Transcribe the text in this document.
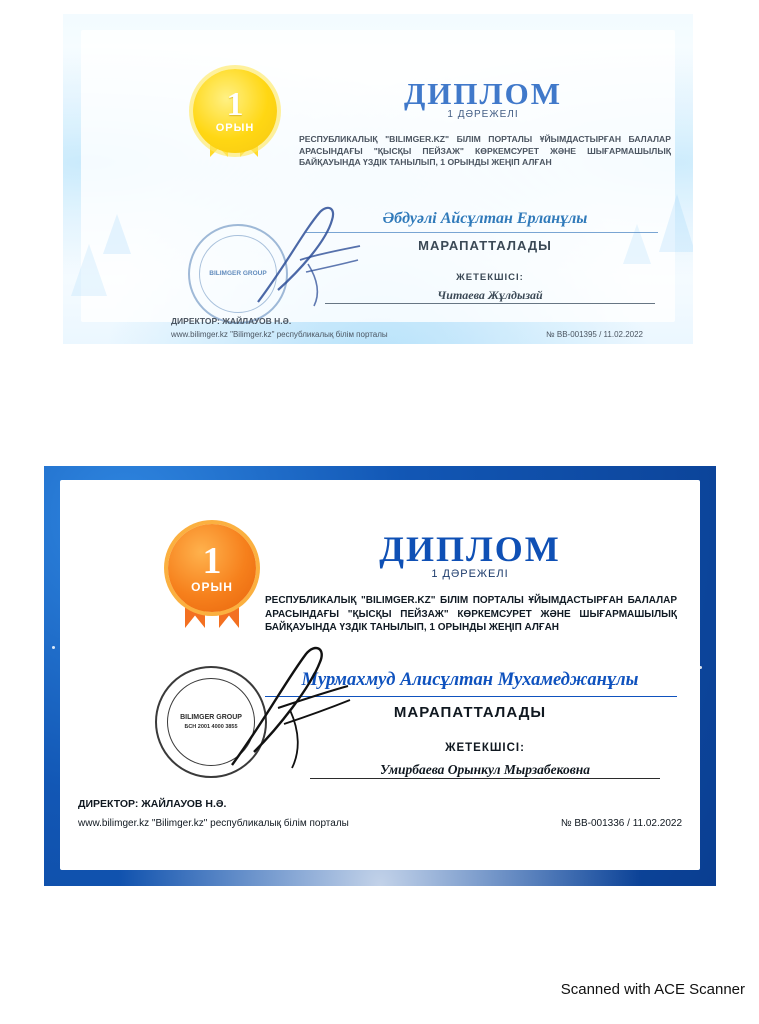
1
ОРЫН
ДИПЛОМ
1 ДӘРЕЖЕЛІ
РЕСПУБЛИКАЛЫҚ "BILIMGER.KZ" БІЛІМ ПОРТАЛЫ ҰЙЫМДАСТЫРҒАН БАЛАЛАР АРАСЫНДАҒЫ "ҚЫСҚЫ ПЕЙЗАЖ" КӨРКЕМСУРЕТ ЖӘНЕ ШЫҒАРМАШЫЛЫҚ БАЙҚАУЫНДА ҮЗДІК ТАНЫЛЫП, 1 ОРЫНДЫ ЖЕҢІП АЛҒАН
Әбдуәлі Айсұлтан Ерланұлы
МАРАПАТТАЛАДЫ
ЖЕТЕКШІСІ:
Читаева Жұлдызай
BILIMGER GROUP
ДИРЕКТОР: ЖАЙЛАУОВ Н.Ә.
www.bilimger.kz "Bilimger.kz" республикалық білім порталы	№ ВВ-001395 / 11.02.2022
1
ОРЫН
ДИПЛОМ
1 ДӘРЕЖЕЛІ
РЕСПУБЛИКАЛЫҚ "BILIMGER.KZ" БІЛІМ ПОРТАЛЫ ҰЙЫМДАСТЫРҒАН БАЛАЛАР АРАСЫНДАҒЫ "ҚЫСҚЫ ПЕЙЗАЖ" КӨРКЕМСУРЕТ ЖӘНЕ ШЫҒАРМАШЫЛЫҚ БАЙҚАУЫНДА ҮЗДІК ТАНЫЛЫП, 1 ОРЫНДЫ ЖЕҢІП АЛҒАН
Мурмахмуд Алисұлтан Мухамеджанұлы
МАРАПАТТАЛАДЫ
ЖЕТЕКШІСІ:
Умирбаева Орынкул Мырзабековна
BILIMGER GROUP
БСН 2001 4000 3855
ДИРЕКТОР: ЖАЙЛАУОВ Н.Ә.
www.bilimger.kz "Bilimger.kz" республикалық білім порталы	№ BB-001336 / 11.02.2022
Scanned with ACE Scanner
